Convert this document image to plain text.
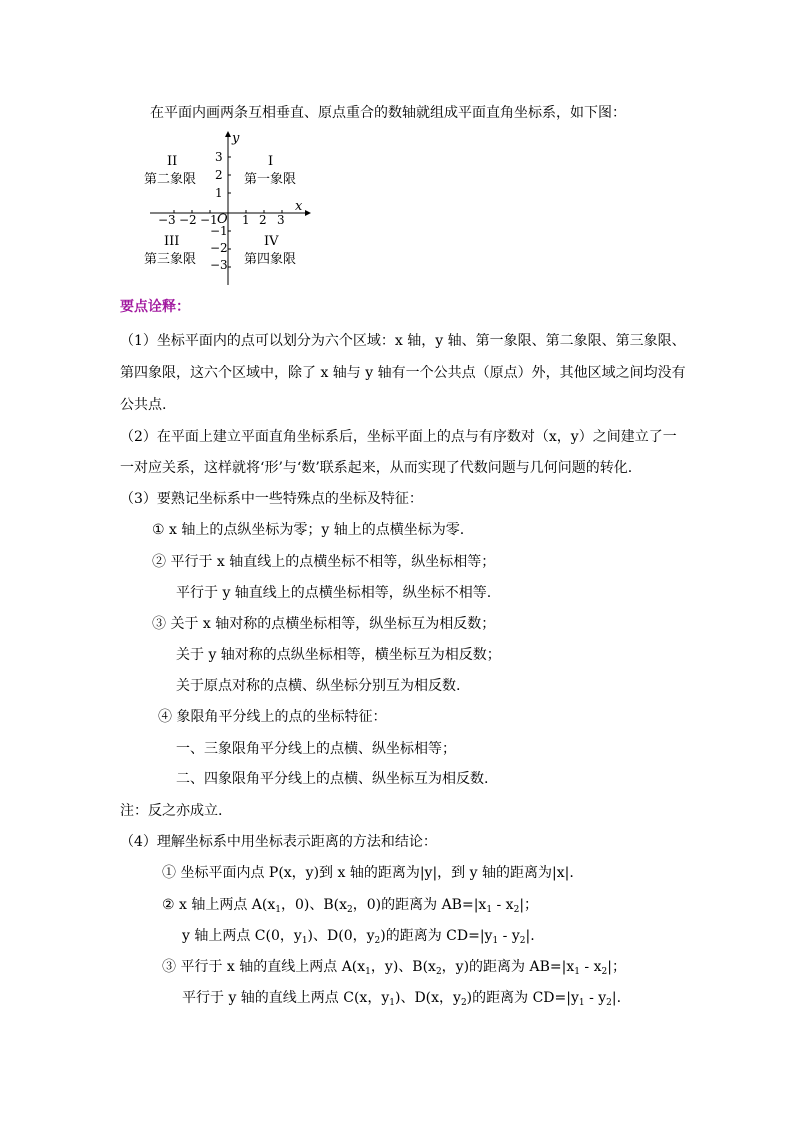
在平面内画两条互相垂直、原点重合的数轴就组成平面直角坐标系，如下图：
y
x
O 1 2 3
−3 −2 −1
3
2
1
−1
−2
−3
I
第一象限
II
第二象限
III
第三象限
IV
第四象限
要点诠释：
（1）坐标平面内的点可以划分为六个区域：x 轴，y 轴、第一象限、第二象限、第三象限、
第四象限，这六个区域中，除了 x 轴与 y 轴有一个公共点（原点）外，其他区域之间均没有
公共点.
（2）在平面上建立平面直角坐标系后，坐标平面上的点与有序数对（x，y）之间建立了一
一对应关系，这样就将‘形’与‘数’联系起来，从而实现了代数问题与几何问题的转化.
（3）要熟记坐标系中一些特殊点的坐标及特征：
① x 轴上的点纵坐标为零；y 轴上的点横坐标为零.
② 平行于 x 轴直线上的点横坐标不相等，纵坐标相等；
平行于 y 轴直线上的点横坐标相等，纵坐标不相等.
③ 关于 x 轴对称的点横坐标相等，纵坐标互为相反数；
关于 y 轴对称的点纵坐标相等，横坐标互为相反数；
关于原点对称的点横、纵坐标分别互为相反数.
④ 象限角平分线上的点的坐标特征：
一、三象限角平分线上的点横、纵坐标相等；
二、四象限角平分线上的点横、纵坐标互为相反数.
注：反之亦成立.
（4）理解坐标系中用坐标表示距离的方法和结论：
① 坐标平面内点 P(x，y)到 x 轴的距离为|y|，到 y 轴的距离为|x|.
② x 轴上两点 $A(x_1$，0)、$B(x_2$，0)的距离为 $AB=|x_1 - x_2|$；
y 轴上两点 C(0，$y_1$)、D(0，$y_2$)的距离为 $CD=|y_1 - y_2|$.
③ 平行于 x 轴的直线上两点 $A(x_1$，y)、$B(x_2$，y)的距离为 $AB=|x_1 - x_2|$；
平行于 y 轴的直线上两点 C(x，$y_1$)、D(x，$y_2$)的距离为 $CD=|y_1 - y_2|$.
